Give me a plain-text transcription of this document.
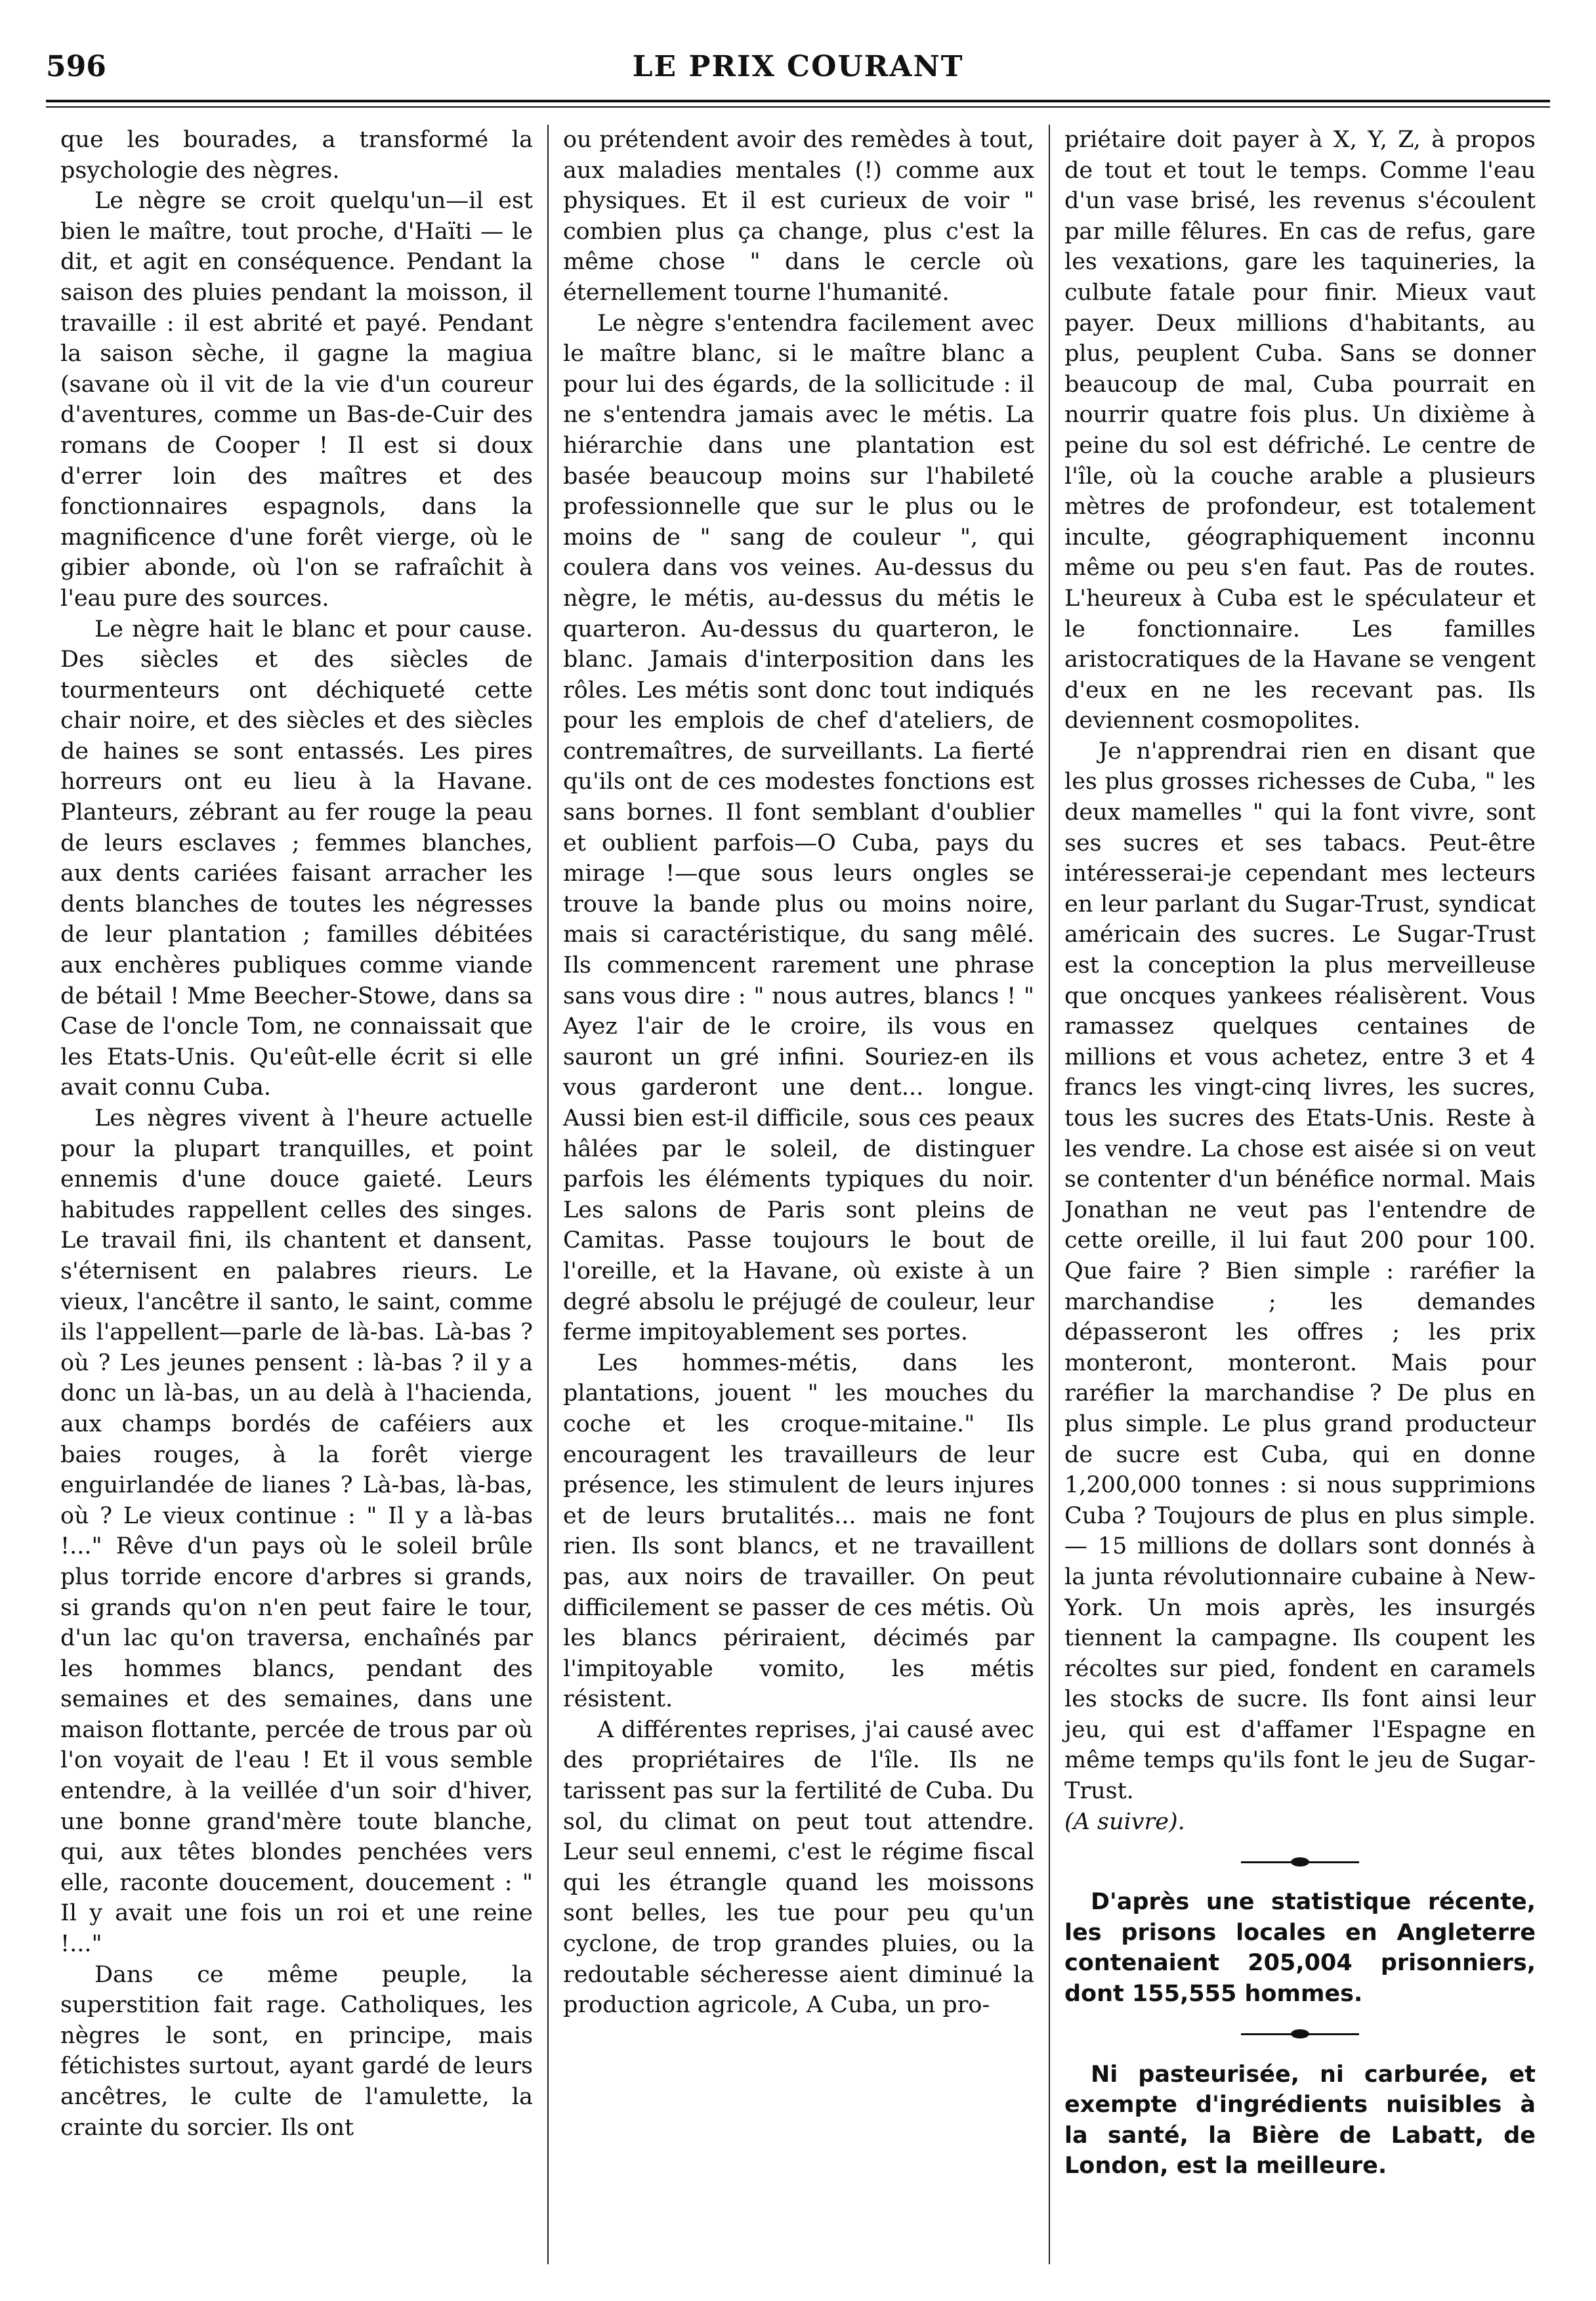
596	LE PRIX COURANT

que les bourades, a transformé la psychologie des nègres.

Le nègre se croit quelqu'un—il est bien le maître, tout proche, d'Haïti — le dit, et agit en conséquence. Pendant la saison des pluies pendant la moisson, il travaille : il est abrité et payé. Pendant la saison sèche, il gagne la magiua (savane où il vit de la vie d'un coureur d'aventures, comme un Bas-de-Cuir des romans de Cooper ! Il est si doux d'errer loin des maîtres et des fonctionnaires espagnols, dans la magnificence d'une forêt vierge, où le gibier abonde, où l'on se rafraîchit à l'eau pure des sources.

Le nègre hait le blanc et pour cause. Des siècles et des siècles de tourmenteurs ont déchiqueté cette chair noire, et des siècles et des siècles de haines se sont entassés. Les pires horreurs ont eu lieu à la Havane. Planteurs, zébrant au fer rouge la peau de leurs esclaves ; femmes blanches, aux dents cariées faisant arracher les dents blanches de toutes les négresses de leur plantation ; familles débitées aux enchères publiques comme viande de bétail ! Mme Beecher-Stowe, dans sa Case de l'oncle Tom, ne connaissait que les Etats-Unis. Qu'eût-elle écrit si elle avait connu Cuba.

Les nègres vivent à l'heure actuelle pour la plupart tranquilles, et point ennemis d'une douce gaieté. Leurs habitudes rappellent celles des singes. Le travail fini, ils chantent et dansent, s'éternisent en palabres rieurs. Le vieux, l'ancêtre il santo, le saint, comme ils l'appellent—parle de là-bas. Là-bas ? où ? Les jeunes pensent : là-bas ? il y a donc un là-bas, un au delà à l'hacienda, aux champs bordés de caféiers aux baies rouges, à la forêt vierge enguirlandée de lianes ? Là-bas, là-bas, où ? Le vieux continue : " Il y a là-bas !..." Rêve d'un pays où le soleil brûle plus torride encore d'arbres si grands, si grands qu'on n'en peut faire le tour, d'un lac qu'on traversa, enchaînés par les hommes blancs, pendant des semaines et des semaines, dans une maison flottante, percée de trous par où l'on voyait de l'eau ! Et il vous semble entendre, à la veillée d'un soir d'hiver, une bonne grand'mère toute blanche, qui, aux têtes blondes penchées vers elle, raconte doucement, doucement : " Il y avait une fois un roi et une reine !..."

Dans ce même peuple, la superstition fait rage. Catholiques, les nègres le sont, en principe, mais fétichistes surtout, ayant gardé de leurs ancêtres, le culte de l'amulette, la crainte du sorcier. Ils ont

ou prétendent avoir des remèdes à tout, aux maladies mentales (!) comme aux physiques. Et il est curieux de voir " combien plus ça change, plus c'est la même chose " dans le cercle où éternellement tourne l'humanité.

Le nègre s'entendra facilement avec le maître blanc, si le maître blanc a pour lui des égards, de la sollicitude : il ne s'entendra jamais avec le métis. La hiérarchie dans une plantation est basée beaucoup moins sur l'habileté professionnelle que sur le plus ou le moins de " sang de couleur ", qui coulera dans vos veines. Au-dessus du nègre, le métis, au-dessus du métis le quarteron. Au-dessus du quarteron, le blanc. Jamais d'interposition dans les rôles. Les métis sont donc tout indiqués pour les emplois de chef d'ateliers, de contremaîtres, de surveillants. La fierté qu'ils ont de ces modestes fonctions est sans bornes. Il font semblant d'oublier et oublient parfois—O Cuba, pays du mirage !—que sous leurs ongles se trouve la bande plus ou moins noire, mais si caractéristique, du sang mêlé. Ils commencent rarement une phrase sans vous dire : " nous autres, blancs ! " Ayez l'air de le croire, ils vous en sauront un gré infini. Souriez-en ils vous garderont une dent... longue. Aussi bien est-il difficile, sous ces peaux hâlées par le soleil, de distinguer parfois les éléments typiques du noir. Les salons de Paris sont pleins de Camitas. Passe toujours le bout de l'oreille, et la Havane, où existe à un degré absolu le préjugé de couleur, leur ferme impitoyablement ses portes.

Les hommes-métis, dans les plantations, jouent " les mouches du coche et les croque-mitaine." Ils encouragent les travailleurs de leur présence, les stimulent de leurs injures et de leurs brutalités... mais ne font rien. Ils sont blancs, et ne travaillent pas, aux noirs de travailler. On peut difficilement se passer de ces métis. Où les blancs périraient, décimés par l'impitoyable vomito, les métis résistent.

A différentes reprises, j'ai causé avec des propriétaires de l'île. Ils ne tarissent pas sur la fertilité de Cuba. Du sol, du climat on peut tout attendre. Leur seul ennemi, c'est le régime fiscal qui les étrangle quand les moissons sont belles, les tue pour peu qu'un cyclone, de trop grandes pluies, ou la redoutable sécheresse aient diminué la production agricole, A Cuba, un pro-

priétaire doit payer à X, Y, Z, à propos de tout et tout le temps. Comme l'eau d'un vase brisé, les revenus s'écoulent par mille fêlures. En cas de refus, gare les vexations, gare les taquineries, la culbute fatale pour finir. Mieux vaut payer. Deux millions d'habitants, au plus, peuplent Cuba. Sans se donner beaucoup de mal, Cuba pourrait en nourrir quatre fois plus. Un dixième à peine du sol est défriché. Le centre de l'île, où la couche arable a plusieurs mètres de profondeur, est totalement inculte, géographiquement inconnu même ou peu s'en faut. Pas de routes. L'heureux à Cuba est le spéculateur et le fonctionnaire. Les familles aristocratiques de la Havane se vengent d'eux en ne les recevant pas. Ils deviennent cosmopolites.

Je n'apprendrai rien en disant que les plus grosses richesses de Cuba, " les deux mamelles " qui la font vivre, sont ses sucres et ses tabacs. Peut-être intéresserai-je cependant mes lecteurs en leur parlant du Sugar-Trust, syndicat américain des sucres. Le Sugar-Trust est la conception la plus merveilleuse que oncques yankees réalisèrent. Vous ramassez quelques centaines de millions et vous achetez, entre 3 et 4 francs les vingt-cinq livres, les sucres, tous les sucres des Etats-Unis. Reste à les vendre. La chose est aisée si on veut se contenter d'un bénéfice normal. Mais Jonathan ne veut pas l'entendre de cette oreille, il lui faut 200 pour 100. Que faire ? Bien simple : raréfier la marchandise ; les demandes dépasseront les offres ; les prix monteront, monteront. Mais pour raréfier la marchandise ? De plus en plus simple. Le plus grand producteur de sucre est Cuba, qui en donne 1,200,000 tonnes : si nous supprimions Cuba ? Toujours de plus en plus simple.— 15 millions de dollars sont donnés à la junta révolutionnaire cubaine à New-York. Un mois après, les insurgés tiennent la campagne. Ils coupent les récoltes sur pied, fondent en caramels les stocks de sucre. Ils font ainsi leur jeu, qui est d'affamer l'Espagne en même temps qu'ils font le jeu de Sugar-Trust.

(A suivre).

D'après une statistique récente, les prisons locales en Angleterre contenaient 205,004 prisonniers, dont 155,555 hommes.

Ni pasteurisée, ni carburée, et exempte d'ingrédients nuisibles à la santé, la Bière de Labatt, de London, est la meilleure.
